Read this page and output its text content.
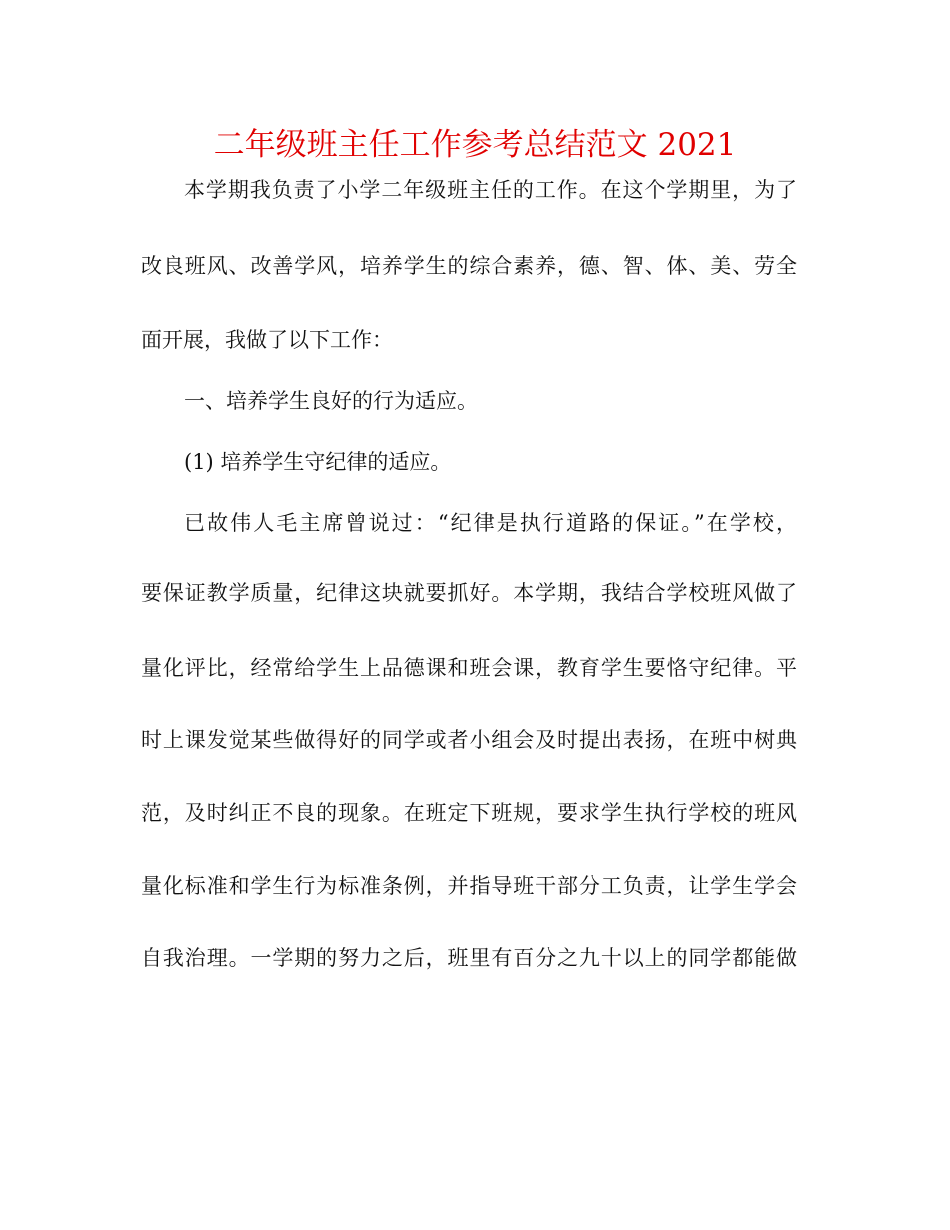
二年级班主任工作参考总结范文 2021

本学期我负责了小学二年级班主任的工作。在这个学期里，为了

改良班风、改善学风，培养学生的综合素养，德、智、体、美、劳全

面开展，我做了以下工作：

一、培养学生良好的行为适应。

(1) 培养学生守纪律的适应。

已故伟人毛主席曾说过：“纪律是执行道路的保证。”在学校，

要保证教学质量，纪律这块就要抓好。本学期，我结合学校班风做了

量化评比，经常给学生上品德课和班会课，教育学生要恪守纪律。平

时上课发觉某些做得好的同学或者小组会及时提出表扬，在班中树典

范，及时纠正不良的现象。在班定下班规，要求学生执行学校的班风

量化标准和学生行为标准条例，并指导班干部分工负责，让学生学会

自我治理。一学期的努力之后，班里有百分之九十以上的同学都能做
